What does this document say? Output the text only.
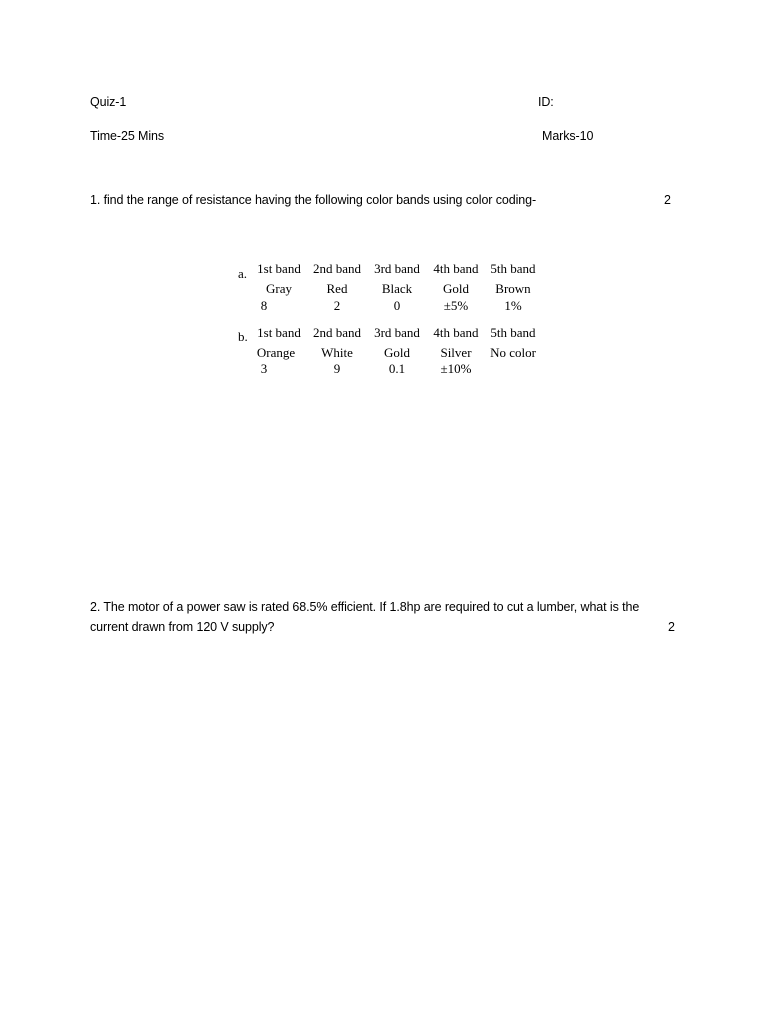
Quiz-1	ID:
Time-25 Mins	Marks-10
1. find the range of resistance having the following color bands using color coding-	2
a. 1st band 2nd band	3rd band	4th band 5th band
Gray	Red	Black	Gold	Brown
8	2	0	±5%	1%
b. 1st band 2nd band	3rd band	4th band 5th band
Orange	White	Gold	Silver	No color
3	9	0.1	±10%
2. The motor of a power saw is rated 68.5% efficient. If 1.8hp are required to cut a lumber, what is the
current drawn from 120 V supply?	2
